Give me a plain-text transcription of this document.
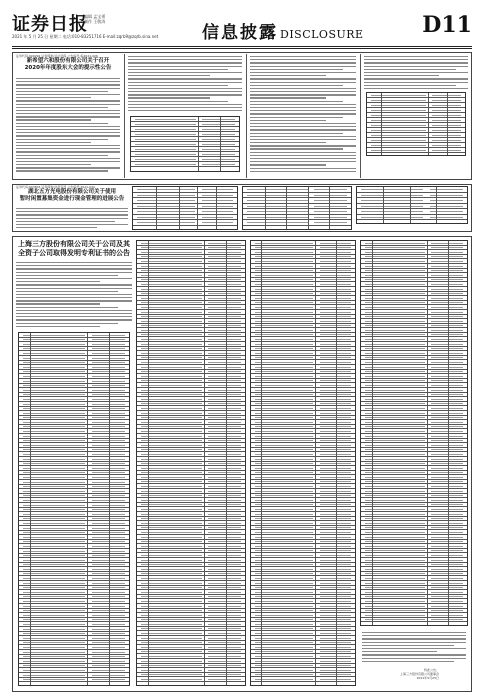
证券日报
编辑 孟宝勇
制作 王敬涛
2021 年 5 月 25 日 星期二 电话:010-83251716 E-mail:zqrb9@zqrb.sina.net	信息披露 DISCLOSURE	D11
证券代码:600292 证券简称:远达环保 公告编号:临2021-026
新希望六和股份有限公司关于召开
2020年年度股东大会的提示性公告
证券代码:603833 证券简称:欧派家居 公告编号:2021-044
湖北五方光电股份有限公司关于使用
暂时闲置募集资金进行现金管理的进展公告
上海三方股份有限公司关于公司及其
全资子公司取得发明专利证书的公告
特此公告。
上海三方股份有限公司董事会
2021年5月25日
